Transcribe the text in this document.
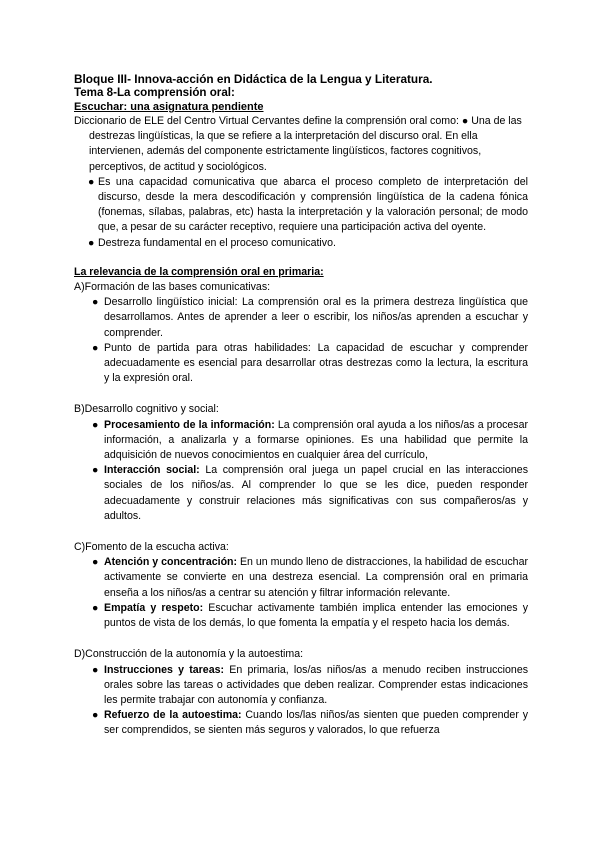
Bloque III- Innova-acción en Didáctica de la Lengua y Literatura.
Tema 8-La comprensión oral:
Escuchar: una asignatura pendiente
Diccionario de ELE del Centro Virtual Cervantes define la comprensión oral como: ● Una de las destrezas lingüísticas, la que se refiere a la interpretación del discurso oral. En ella intervienen, además del componente estrictamente lingüísticos, factores cognitivos, perceptivos, de actitud y sociológicos.
● Es una capacidad comunicativa que abarca el proceso completo de interpretación del discurso, desde la mera descodificación y comprensión lingüística de la cadena fónica (fonemas, sílabas, palabras, etc) hasta la interpretación y la valoración personal; de modo que, a pesar de su carácter receptivo, requiere una participación activa del oyente.
● Destreza fundamental en el proceso comunicativo.
La relevancia de la comprensión oral en primaria:
A)Formación de las bases comunicativas:
● Desarrollo lingüístico inicial: La comprensión oral es la primera destreza lingüística que desarrollamos. Antes de aprender a leer o escribir, los niños/as aprenden a escuchar y comprender.
● Punto de partida para otras habilidades: La capacidad de escuchar y comprender adecuadamente es esencial para desarrollar otras destrezas como la lectura, la escritura y la expresión oral.
B)Desarrollo cognitivo y social:
● Procesamiento de la información: La comprensión oral ayuda a los niños/as a procesar información, a analizarla y a formarse opiniones. Es una habilidad que permite la adquisición de nuevos conocimientos en cualquier área del currículo,
● Interacción social: La comprensión oral juega un papel crucial en las interacciones sociales de los niños/as. Al comprender lo que se les dice, pueden responder adecuadamente y construir relaciones más significativas con sus compañeros/as y adultos.
C)Fomento de la escucha activa:
● Atención y concentración: En un mundo lleno de distracciones, la habilidad de escuchar activamente se convierte en una destreza esencial. La comprensión oral en primaria enseña a los niños/as a centrar su atención y filtrar información relevante.
● Empatía y respeto: Escuchar activamente también implica entender las emociones y puntos de vista de los demás, lo que fomenta la empatía y el respeto hacia los demás.
D)Construcción de la autonomía y la autoestima:
● Instrucciones y tareas: En primaria, los/as niños/as a menudo reciben instrucciones orales sobre las tareas o actividades que deben realizar. Comprender estas indicaciones les permite trabajar con autonomía y confianza.
● Refuerzo de la autoestima: Cuando los/las niños/as sienten que pueden comprender y ser comprendidos, se sienten más seguros y valorados, lo que refuerza
